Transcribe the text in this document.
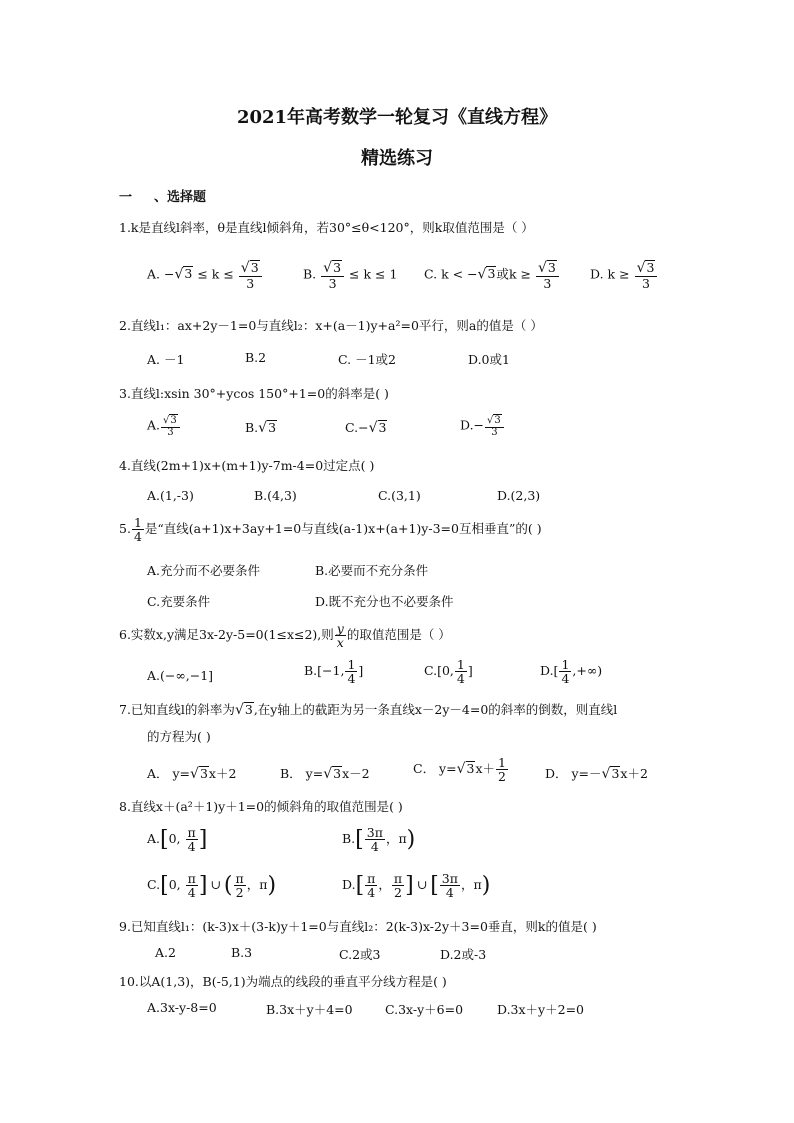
2021年高考数学一轮复习《直线方程》
精选练习
一 、选择题
1.k是直线l斜率，θ是直线l倾斜角，若30°≤θ<120°，则k取值范围是（ ）
A. $-√3 \le k \le \frac{√3}{3}$	B. $\frac{√3}{3} \le k \le 1$ C. k < −√3或$k \ge \frac{√3}{3} D$. $k \ge \frac{√3}{3}$
2.直线l₁：ax+2y－1=0与直线l₂：x+(a－1)y+a²=0平行，则a的值是（ ）
A. －1	B.2	C. －1或2	D.0或1
3.直线l:xsin 30°+ycos 150°+1=0的斜率是( )
A. $\frac{√3}{3}$	B.√3	C.−√3	$D.- \frac{√3}{3}$
4.直线(2m+1)x+(m+1)y-7m-4=0过定点( )
A.(1,-3)	B.(4,3)	C.(3,1)	D.(2,3)
5. $\frac{1}{4}$ 是“直线(a+1)x+3ay+1=0与直线(a-1)x+(a+1)y-3=0互相垂直”的( )
A.充分而不必要条件	B.必要而不充分条件
C.充要条件	D.既不充分也不必要条件
6.实数x,y满足3x-2y-5=0(1≤x≤2),则 $\frac{y}{x}$ 的取值范围是（ ）
A.(−∞,−1]	B.[−1, $\frac{1}{4}$ ]	C.[0, $\frac{1}{4}$ ]	$D.[ \frac{1}{4}$ ,+∞)
7.已知直线l的斜率为√3,在y轴上的截距为另一条直线x－2y－4=0的斜率的倒数，则直线l
的方程为( )
A． y=√3x＋2	B． y=√3x－2	C． $y=√3x+ \frac{1}{2}$	D． y=－√3x＋2
8.直线x＋(a²＋1)y＋1=0的倾斜角的取值范围是( )
A.[0, $\frac{\pi}{4}$ ]	$B.[ \frac{3\pi}{4}$ ，π)
C.[0, $\frac{\pi}{4}$ ] ∪ ( $\frac{\pi}{2}$ ，π)	$D.[ \frac{\pi}{4}$ ， $\frac{\pi}{2}$ ] ∪ [ $\frac{3\pi}{4}$ ，π)
9.已知直线l₁：(k-3)x＋(3-k)y＋1=0与直线l₂：2(k-3)x-2y＋3=0垂直，则k的值是( )
A.2	B.3	C.2或3	D.2或-3
10.以A(1,3)，B(-5,1)为端点的线段的垂直平分线方程是( )
A.3x-y-8=0	B.3x＋y＋4=0	C.3x-y＋6=0	D.3x＋y＋2=0
